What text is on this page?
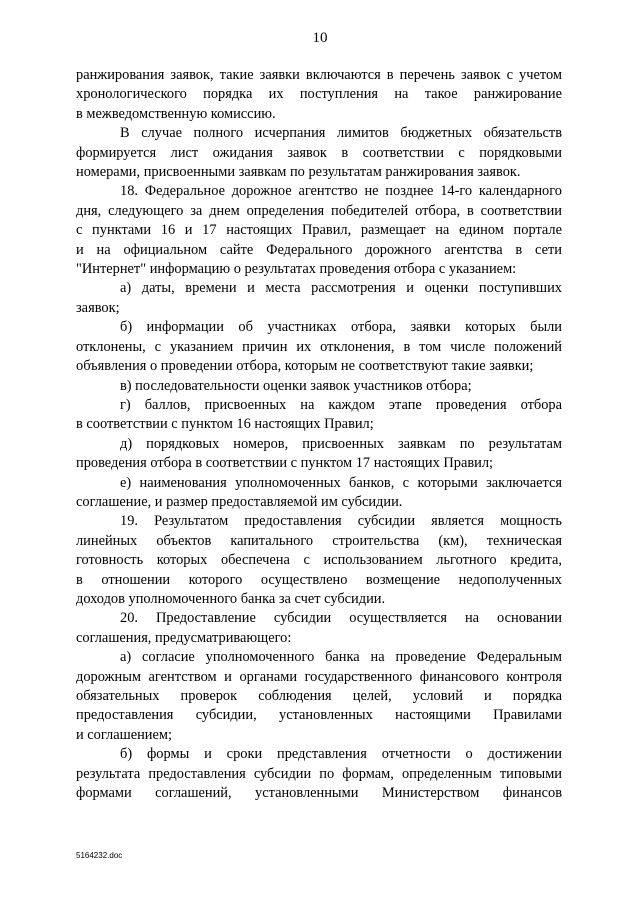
10
ранжирования заявок, такие заявки включаются в перечень заявок с учетом
хронологического порядка их поступления на такое ранжирование
в межведомственную комиссию.
В случае полного исчерпания лимитов бюджетных обязательств
формируется лист ожидания заявок в соответствии с порядковыми
номерами, присвоенными заявкам по результатам ранжирования заявок.
18. Федеральное дорожное агентство не позднее 14-го календарного
дня, следующего за днем определения победителей отбора, в соответствии
с пунктами 16 и 17 настоящих Правил, размещает на едином портале
и на официальном сайте Федерального дорожного агентства в сети
"Интернет" информацию о результатах проведения отбора с указанием:
а) даты, времени и места рассмотрения и оценки поступивших
заявок;
б) информации об участниках отбора, заявки которых были
отклонены, с указанием причин их отклонения, в том числе положений
объявления о проведении отбора, которым не соответствуют такие заявки;
в) последовательности оценки заявок участников отбора;
г) баллов, присвоенных на каждом этапе проведения отбора
в соответствии с пунктом 16 настоящих Правил;
д) порядковых номеров, присвоенных заявкам по результатам
проведения отбора в соответствии с пунктом 17 настоящих Правил;
е) наименования уполномоченных банков, с которыми заключается
соглашение, и размер предоставляемой им субсидии.
19. Результатом предоставления субсидии является мощность
линейных объектов капитального строительства (км), техническая
готовность которых обеспечена с использованием льготного кредита,
в отношении которого осуществлено возмещение недополученных
доходов уполномоченного банка за счет субсидии.
20. Предоставление субсидии осуществляется на основании
соглашения, предусматривающего:
а) согласие уполномоченного банка на проведение Федеральным
дорожным агентством и органами государственного финансового контроля
обязательных проверок соблюдения целей, условий и порядка
предоставления субсидии, установленных настоящими Правилами
и соглашением;
б) формы и сроки представления отчетности о достижении
результата предоставления субсидии по формам, определенным типовыми
формами соглашений, установленными Министерством финансов
5164232.doc
